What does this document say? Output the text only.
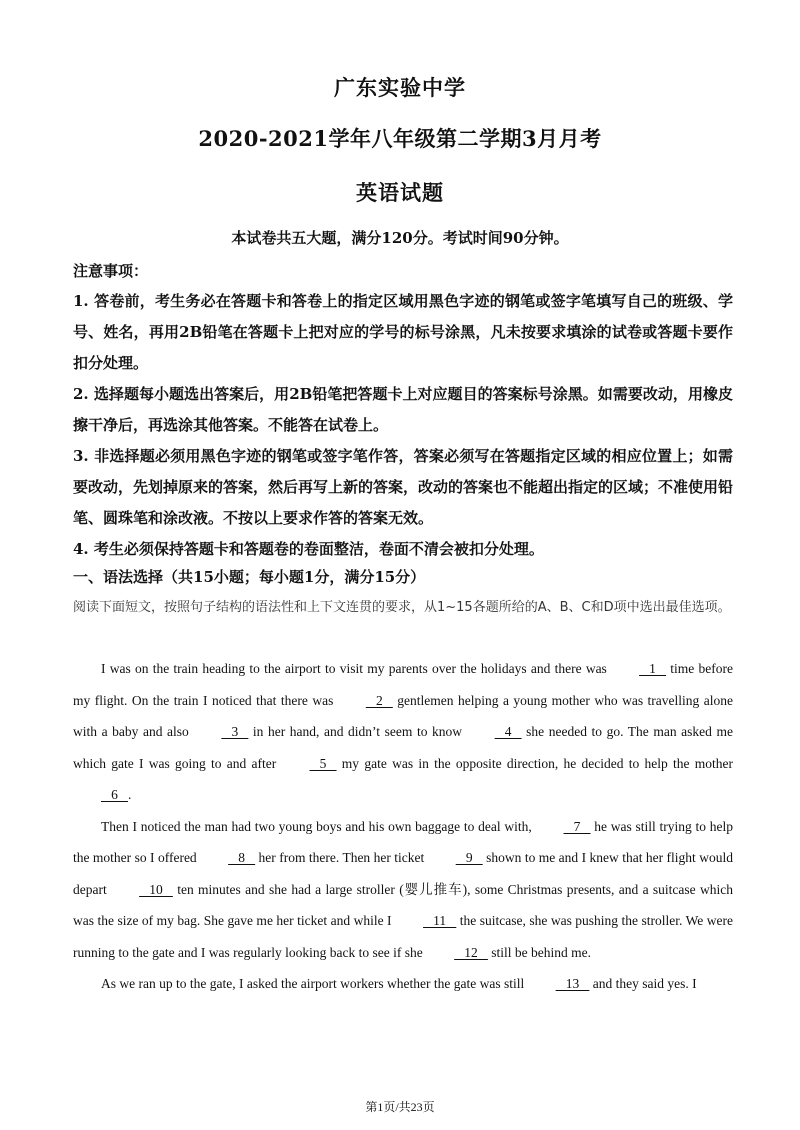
广东实验中学
2020-2021学年八年级第二学期3月月考
英语试题
本试卷共五大题，满分120分。考试时间90分钟。
注意事项：

1. 答卷前，考生务必在答题卡和答卷上的指定区域用黑色字迹的钢笔或签字笔填写自己的班级、学号、姓名，再用2B铅笔在答题卡上把对应的学号的标号涂黑，凡未按要求填涂的试卷或答题卡要作扣分处理。

2. 选择题每小题选出答案后，用2B铅笔把答题卡上对应题目的答案标号涂黑。如需要改动，用橡皮擦干净后，再选涂其他答案。不能答在试卷上。

3. 非选择题必须用黑色字迹的钢笔或签字笔作答，答案必须写在答题指定区域的相应位置上；如需要改动，先划掉原来的答案，然后再写上新的答案，改动的答案也不能超出指定的区域；不准使用铅笔、圆珠笔和涂改液。不按以上要求作答的答案无效。

4. 考生必须保持答题卡和答题卷的卷面整洁，卷面不清会被扣分处理。

一、语法选择（共15小题；每小题1分，满分15分）
阅读下面短文，按照句子结构的语法性和上下文连贯的要求，从1~15各题所给的A、B、C和D项中选出最佳选项。

I was on the train heading to the airport to visit my parents over the holidays and there was    1    time before my flight. On the train I noticed that there was    2    gentlemen helping a young mother who was travelling alone with a baby and also    3    in her hand, and didn’t seem to know    4    she needed to go. The man asked me which gate I was going to and after    5    my gate was in the opposite direction, he decided to help the mother    6   .

Then I noticed the man had two young boys and his own baggage to deal with,    7    he was still trying to help the mother so I offered    8    her from there. Then her ticket    9    shown to me and I knew that her flight would depart    10    ten minutes and she had a large stroller (婴儿推车), some Christmas presents, and a suitcase which was the size of my bag. She gave me her ticket and while I    11    the suitcase, she was pushing the stroller. We were running to the gate and I was regularly looking back to see if she    12    still be behind me.

As we ran up to the gate, I asked the airport workers whether the gate was still    13    and they said yes. I

第1页/共23页
